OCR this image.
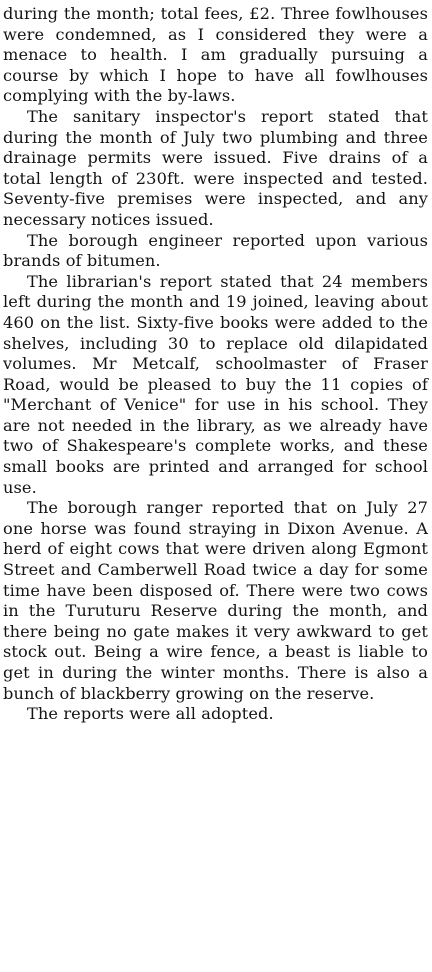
during the month; total fees, £2. Three fowlhouses were condemned, as I considered they were a menace to health. I am gradually pursuing a course by which I hope to have all fowlhouses complying with the by-laws.

The sanitary inspector's report stated that during the month of July two plumbing and three drainage permits were issued. Five drains of a total length of 230ft. were inspected and tested. Seventy-five premises were inspected, and any necessary notices issued.

The borough engineer reported upon various brands of bitumen.

The librarian's report stated that 24 members left during the month and 19 joined, leaving about 460 on the list. Sixty-five books were added to the shelves, including 30 to replace old dilapidated volumes. Mr Metcalf, schoolmaster of Fraser Road, would be pleased to buy the 11 copies of "Merchant of Venice" for use in his school. They are not needed in the library, as we already have two of Shakespeare's complete works, and these small books are printed and arranged for school use.

The borough ranger reported that on July 27 one horse was found straying in Dixon Avenue. A herd of eight cows that were driven along Egmont Street and Camberwell Road twice a day for some time have been disposed of. There were two cows in the Turuturu Reserve during the month, and there being no gate makes it very awkward to get stock out. Being a wire fence, a beast is liable to get in during the winter months. There is also a bunch of blackberry growing on the reserve.

The reports were all adopted.
